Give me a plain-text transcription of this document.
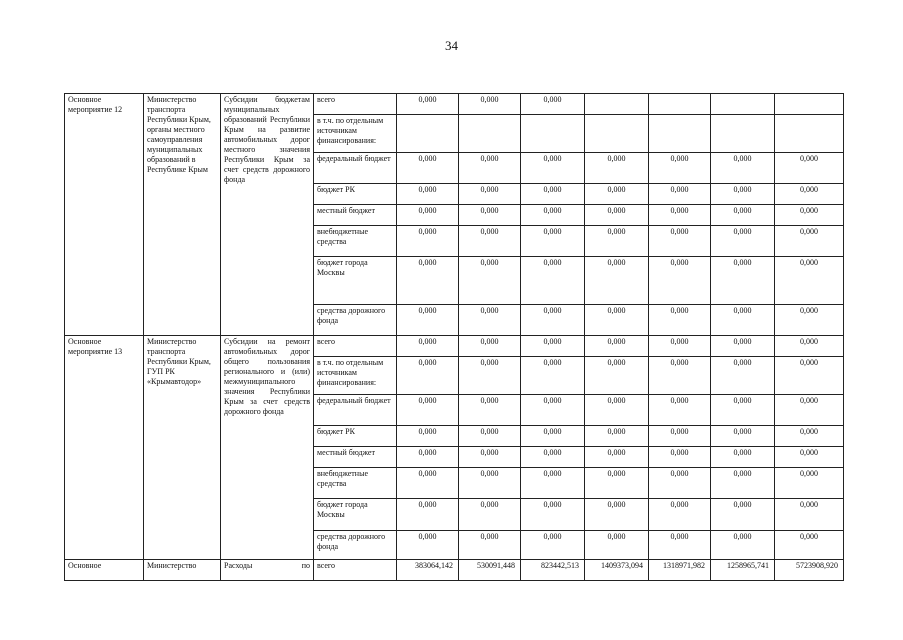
34
Основное мероприятие 12	Министерство транспорта Республики Крым, органы местного самоуправления муниципальных образований в Республике Крым	Субсидии бюджетам муниципальных образований Республики Крым на развитие автомобильных дорог местного значения Республики Крым за счет средств дорожного фонда	всего	0,000	0,000	0,000				
			в т.ч. по отдельным источникам финансирования:							
			федеральный бюджет	0,000	0,000	0,000	0,000	0,000	0,000	0,000
			бюджет РК	0,000	0,000	0,000	0,000	0,000	0,000	0,000
			местный бюджет	0,000	0,000	0,000	0,000	0,000	0,000	0,000
			внебюджетные средства	0,000	0,000	0,000	0,000	0,000	0,000	0,000
			бюджет города Москвы	0,000	0,000	0,000	0,000	0,000	0,000	0,000
			средства дорожного фонда	0,000	0,000	0,000	0,000	0,000	0,000	0,000
Основное мероприятие 13	Министерство транспорта Республики Крым, ГУП РК «Крымавтодор»	Субсидии на ремонт автомобильных дорог общего пользования регионального и (или) межмуниципального значения Республики Крым за счет средств дорожного фонда	всего	0,000	0,000	0,000	0,000	0,000	0,000	0,000
			в т.ч. по отдельным источникам финансирования:	0,000	0,000	0,000	0,000	0,000	0,000	0,000
			федеральный бюджет	0,000	0,000	0,000	0,000	0,000	0,000	0,000
			бюджет РК	0,000	0,000	0,000	0,000	0,000	0,000	0,000
			местный бюджет	0,000	0,000	0,000	0,000	0,000	0,000	0,000
			внебюджетные средства	0,000	0,000	0,000	0,000	0,000	0,000	0,000
			бюджет города Москвы	0,000	0,000	0,000	0,000	0,000	0,000	0,000
			средства дорожного фонда	0,000	0,000	0,000	0,000	0,000	0,000	0,000
Основное	Министерство	Расходы по	всего	383064,142	530091,448	823442,513	1409373,094	1318971,982	1258965,741	5723908,920
